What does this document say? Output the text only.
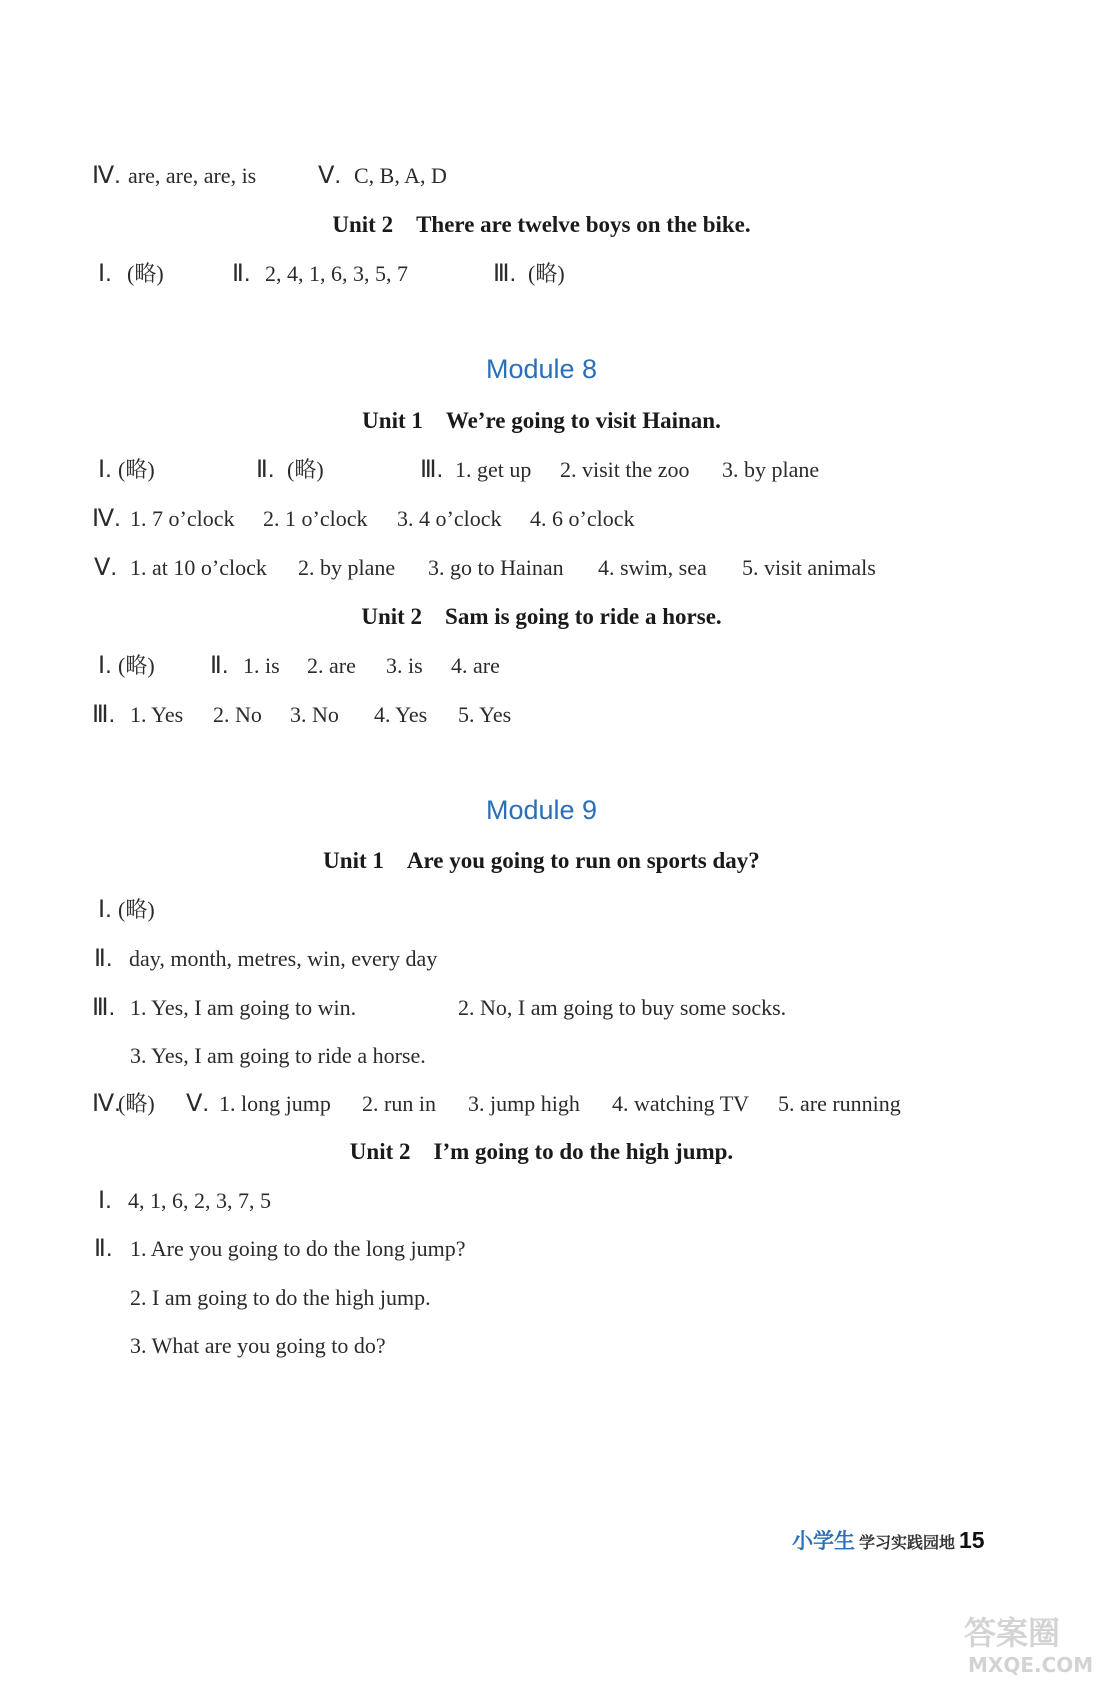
Ⅳ. are, are, are, is	Ⅴ. C, B, A, D
Unit 2　There are twelve boys on the bike.
Ⅰ. (略)	Ⅱ. 2, 4, 1, 6, 3, 5, 7	Ⅲ. (略)
Module 8
Unit 1　We’re going to visit Hainan.
Ⅰ. (略)	Ⅱ. (略)	Ⅲ. 1. get up 2. visit the zoo 3. by plane
Ⅳ. 1. 7 o’clock 2. 1 o’clock 3. 4 o’clock 4. 6 o’clock
Ⅴ. 1. at 10 o’clock 2. by plane 3. go to Hainan 4. swim, sea 5. visit animals
Unit 2　Sam is going to ride a horse.
Ⅰ. (略) Ⅱ. 1. is 2. are 3. is 4. are
Ⅲ. 1. Yes 2. No 3. No 4. Yes 5. Yes
Module 9
Unit 1　Are you going to run on sports day?
Ⅰ. (略)
Ⅱ. day, month, metres, win, every day
Ⅲ. 1. Yes, I am going to win.	2. No, I am going to buy some socks.
3. Yes, I am going to ride a horse.
Ⅳ.
(略) Ⅴ. 1. long jump 2. run in 3. jump high 4. watching TV 5. are running
Unit 2　I’m going to do the high jump.
Ⅰ. 4, 1, 6, 2, 3, 7, 5
Ⅱ. 1. Are you going to do the long jump?
2. I am going to do the high jump.
3. What are you going to do?
小学生 学习实践园地 15
答案圈
MXQE.COM
